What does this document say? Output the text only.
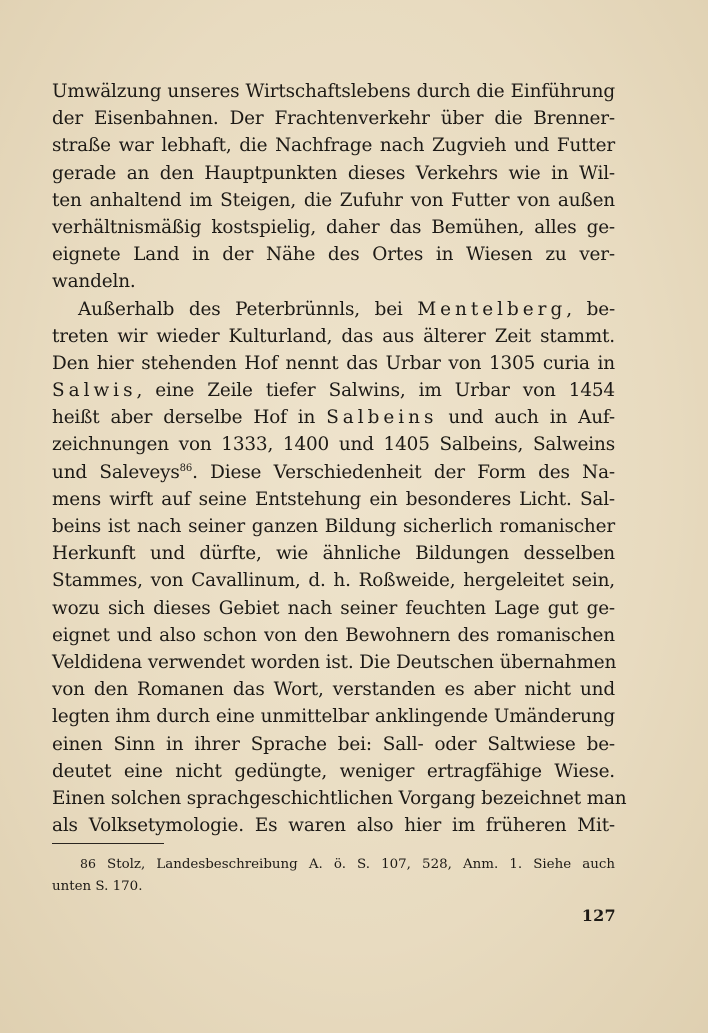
Umwälzung unseres Wirtschaftslebens durch die Einführung
der Eisenbahnen. Der Frachtenverkehr über die Brenner-
straße war lebhaft, die Nachfrage nach Zugvieh und Futter
gerade an den Hauptpunkten dieses Verkehrs wie in Wil-
ten anhaltend im Steigen, die Zufuhr von Futter von außen
verhältnismäßig kostspielig, daher das Bemühen, alles ge-
eignete Land in der Nähe des Ortes in Wiesen zu ver-
wandeln.
Außerhalb des Peterbrünnls, bei Mentelberg, be-
treten wir wieder Kulturland, das aus älterer Zeit stammt.
Den hier stehenden Hof nennt das Urbar von 1305 curia in
Salwis, eine Zeile tiefer Salwins, im Urbar von 1454
heißt aber derselbe Hof in Salbeins und auch in Auf-
zeichnungen von 1333, 1400 und 1405 Salbeins, Salweins
und Saleveys$^{86}$. Diese Verschiedenheit der Form des Na-
mens wirft auf seine Entstehung ein besonderes Licht. Sal-
beins ist nach seiner ganzen Bildung sicherlich romanischer
Herkunft und dürfte, wie ähnliche Bildungen desselben
Stammes, von Cavallinum, d. h. Roßweide, hergeleitet sein,
wozu sich dieses Gebiet nach seiner feuchten Lage gut ge-
eignet und also schon von den Bewohnern des romanischen
Veldidena verwendet worden ist. Die Deutschen übernahmen
von den Romanen das Wort, verstanden es aber nicht und
legten ihm durch eine unmittelbar anklingende Umänderung
einen Sinn in ihrer Sprache bei: Sall- oder Saltwiese be-
deutet eine nicht gedüngte, weniger ertragfähige Wiese.
Einen solchen sprachgeschichtlichen Vorgang bezeichnet man
als Volksetymologie. Es waren also hier im früheren Mit-
86 Stolz, Landesbeschreibung A. ö. S. 107, 528, Anm. 1. Siehe auch
unten S. 170.
127
